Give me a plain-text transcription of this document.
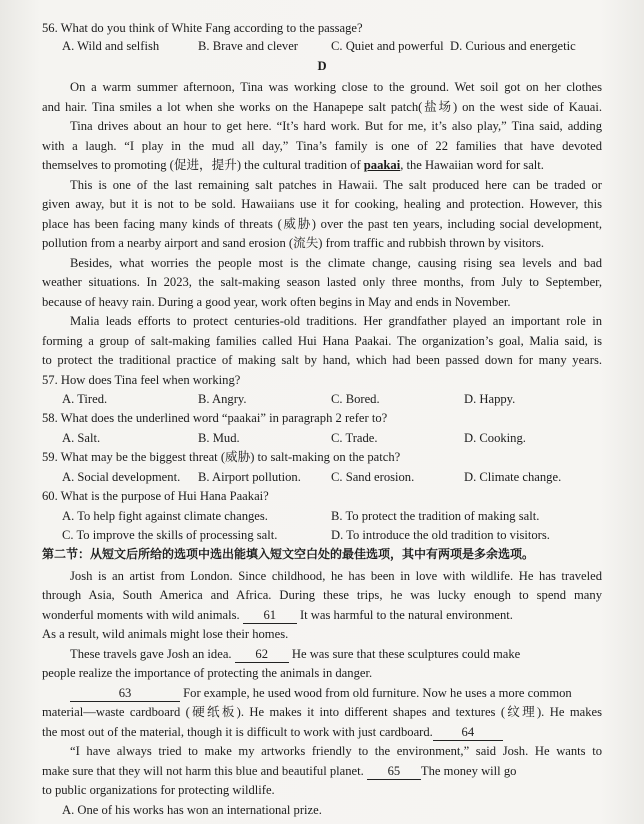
56. What do you think of White Fang according to the passage?
A. Wild and selfish	B. Brave and clever	C. Quiet and powerful D. Curious and energetic
D
On a warm summer afternoon, Tina was working close to the ground. Wet soil got on her clothes
and hair. Tina smiles a lot when she works on the Hanapepe salt patch(盐场) on the west side of Kauai.
Tina drives about an hour to get here. “It’s hard work. But for me, it’s also play,” Tina said, adding
with a laugh. “I play in the mud all day,” Tina’s family is one of 22 families that have devoted
themselves to promoting (促进，提升) the cultural tradition of paakai, the Hawaiian word for salt.
This is one of the last remaining salt patches in Hawaii. The salt produced here can be traded or
given away, but it is not to be sold. Hawaiians use it for cooking, healing and protection. However, this
place has been facing many kinds of threats (威胁) over the past ten years, including social development,
pollution from a nearby airport and sand erosion (流失) from traffic and rubbish thrown by visitors.
Besides, what worries the people most is the climate change, causing rising sea levels and bad
weather situations. In 2023, the salt-making season lasted only three months, from July to September,
because of heavy rain. During a good year, work often begins in May and ends in November.
Malia leads efforts to protect centuries-old traditions. Her grandfather played an important role in
forming a group of salt-making families called Hui Hana Paakai. The organization’s goal, Malia said, is
to protect the traditional practice of making salt by hand, which had been passed down for many years.
57. How does Tina feel when working?
A. Tired.	B. Angry.	C. Bored.	D. Happy.
58. What does the underlined word “paakai” in paragraph 2 refer to?
A. Salt.	B. Mud.	C. Trade.	D. Cooking.
59. What may be the biggest threat (威胁) to salt-making on the patch?
A. Social development. B. Airport pollution. C. Sand erosion.	D. Climate change.
60. What is the purpose of Hui Hana Paakai?
A. To help fight against climate changes.	B. To protect the tradition of making salt.
C. To improve the skills of processing salt.	D. To introduce the old tradition to visitors.
第二节：从短文后所给的选项中选出能填入短文空白处的最佳选项，其中有两项是多余选项。
Josh is an artist from London. Since childhood, he has been in love with wildlife. He has traveled
through Asia, South America and Africa. During these trips, he was lucky enough to spend many
wonderful moments with wild animals. 61 It was harmful to the natural environment.
As a result, wild animals might lose their homes.
These travels gave Josh an idea. 62 He was sure that these sculptures could make
people realize the importance of protecting the animals in danger.
63	For example, he used wood from old furniture. Now he uses a more common
material—waste cardboard (硬纸板). He makes it into different shapes and textures (纹理). He makes
the most out of the material, though it is difficult to work with just cardboard. 64
“I have always tried to make my artworks friendly to the environment,” said Josh. He wants to
make sure that they will not harm this blue and beautiful planet. 65 The money will go
to public organizations for protecting wildlife.
A. One of his works has won an international prize.
